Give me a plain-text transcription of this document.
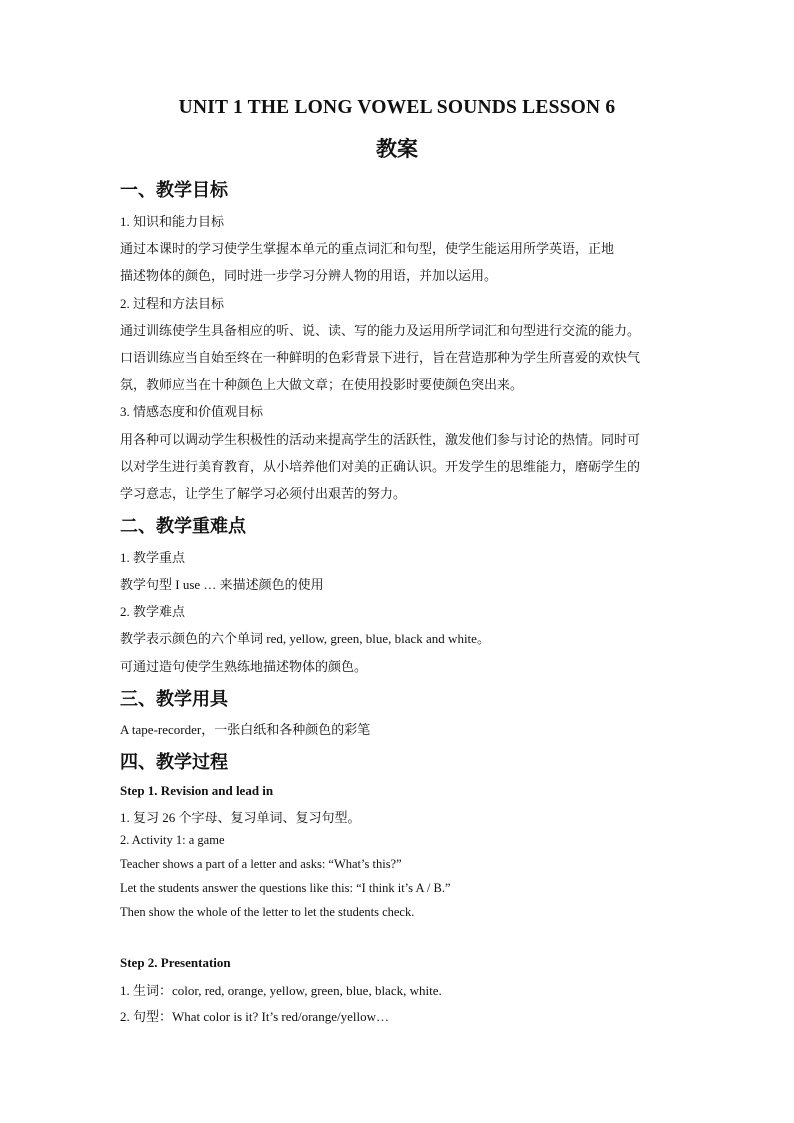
UNIT 1 THE LONG VOWEL SOUNDS LESSON 6
教案
一、教学目标
1. 知识和能力目标
通过本课时的学习使学生掌握本单元的重点词汇和句型，使学生能运用所学英语，正地
描述物体的颜色，同时进一步学习分辨人物的用语，并加以运用。
2. 过程和方法目标
通过训练使学生具备相应的听、说、读、写的能力及运用所学词汇和句型进行交流的能力。
口语训练应当自始至终在一种鲜明的色彩背景下进行，旨在营造那种为学生所喜爱的欢快气
氛，教师应当在十种颜色上大做文章；在使用投影时要使颜色突出来。
3. 情感态度和价值观目标
用各种可以调动学生积极性的活动来提高学生的活跃性，激发他们参与讨论的热情。同时可
以对学生进行美育教育，从小培养他们对美的正确认识。开发学生的思维能力，磨砺学生的
学习意志，让学生了解学习必须付出艰苦的努力。
二、教学重难点
1. 教学重点
教学句型 I use … 来描述颜色的使用
2. 教学难点
教学表示颜色的六个单词 red, yellow, green, blue, black and white。
可通过造句使学生熟练地描述物体的颜色。
三、教学用具
A tape-recorder，一张白纸和各种颜色的彩笔
四、教学过程
Step 1. Revision and lead in
1. 复习 26 个字母、复习单词、复习句型。
2. Activity 1: a game
Teacher shows a part of a letter and asks: “What’s this?”
Let the students answer the questions like this: “I think it’s A / B.”
Then show the whole of the letter to let the students check.
Step 2. Presentation
1. 生词：color, red, orange, yellow, green, blue, black, white.
2. 句型：What color is it? It’s red/orange/yellow…
